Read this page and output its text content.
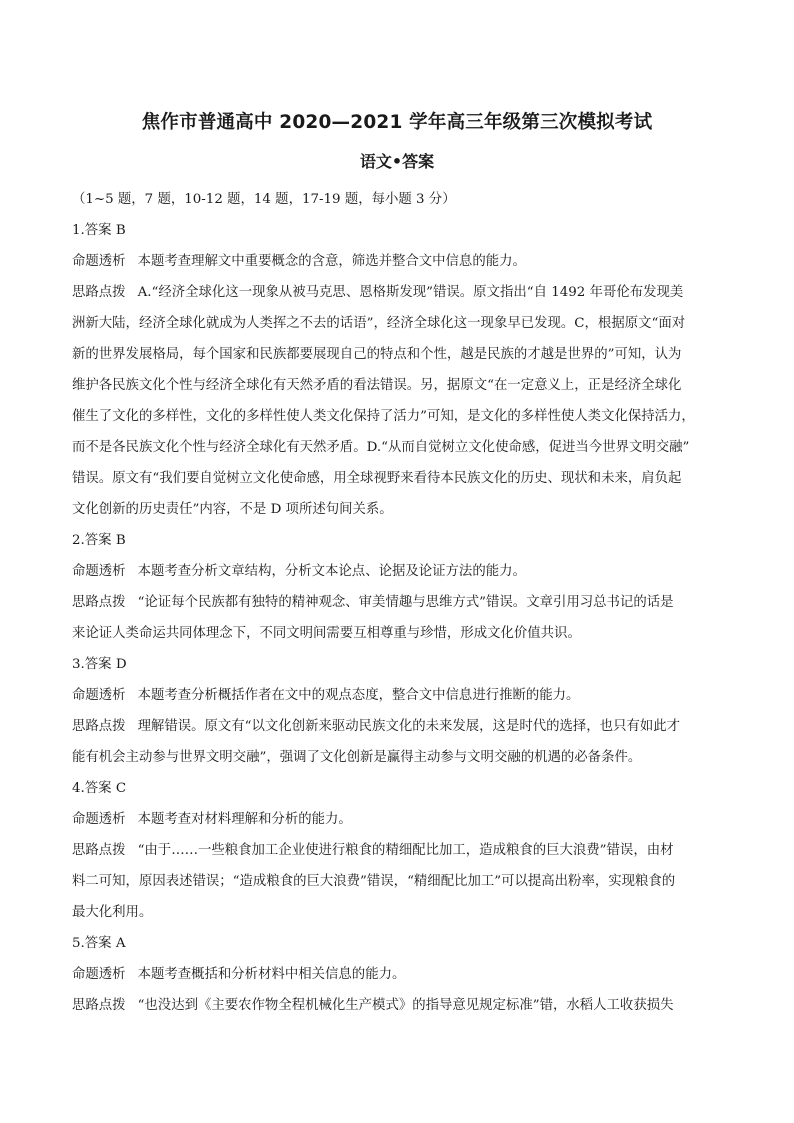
焦作市普通高中 2020—2021 学年高三年级第三次模拟考试
语文•答案
（1~5 题，7 题，10-12 题，14 题，17-19 题，每小题 3 分）
1.答案 B
命题透析 本题考查理解文中重要概念的含意，筛选并整合文中信息的能力。
思路点拨 A.“经济全球化这一现象从被马克思、恩格斯发现”错误。原文指出“自 1492 年哥伦布发现美
洲新大陆，经济全球化就成为人类挥之不去的话语”，经济全球化这一现象早已发现。C，根据原文“面对
新的世界发展格局，每个国家和民族都要展现自己的特点和个性，越是民族的才越是世界的”可知，认为
维护各民族文化个性与经济全球化有天然矛盾的看法错误。另，据原文“在一定意义上，正是经济全球化
催生了文化的多样性，文化的多样性使人类文化保持了活力”可知，是文化的多样性使人类文化保持活力，
而不是各民族文化个性与经济全球化有天然矛盾。D.“从而自觉树立文化使命感，促进当今世界文明交融”
错误。原文有“我们要自觉树立文化使命感，用全球视野来看待本民族文化的历史、现状和未来，肩负起
文化创新的历史责任”内容，不是 D 项所述句间关系。
2.答案 B
命题透析 本题考查分析文章结构，分析文本论点、论据及论证方法的能力。
思路点拨 “论证每个民族都有独特的精神观念、审美情趣与思维方式”错误。文章引用习总书记的话是
来论证人类命运共同体理念下，不同文明间需要互相尊重与珍惜，形成文化价值共识。
3.答案 D
命题透析 本题考查分析概括作者在文中的观点态度，整合文中信息进行推断的能力。
思路点拨 理解错误。原文有“以文化创新来驱动民族文化的未来发展，这是时代的选择，也只有如此才
能有机会主动参与世界文明交融”，强调了文化创新是赢得主动参与文明交融的机遇的必备条件。
4.答案 C
命题透析 本题考查对材料理解和分析的能力。
思路点拨 “由于……一些粮食加工企业使进行粮食的精细配比加工，造成粮食的巨大浪费”错误，由材
料二可知，原因表述错误；“造成粮食的巨大浪费”错误，“精细配比加工”可以提高出粉率，实现粮食的
最大化利用。
5.答案 A
命题透析 本题考查概括和分析材料中相关信息的能力。
思路点拨 “也没达到《主要农作物全程机械化生产模式》的指导意见规定标准”错，水稻人工收获损失
